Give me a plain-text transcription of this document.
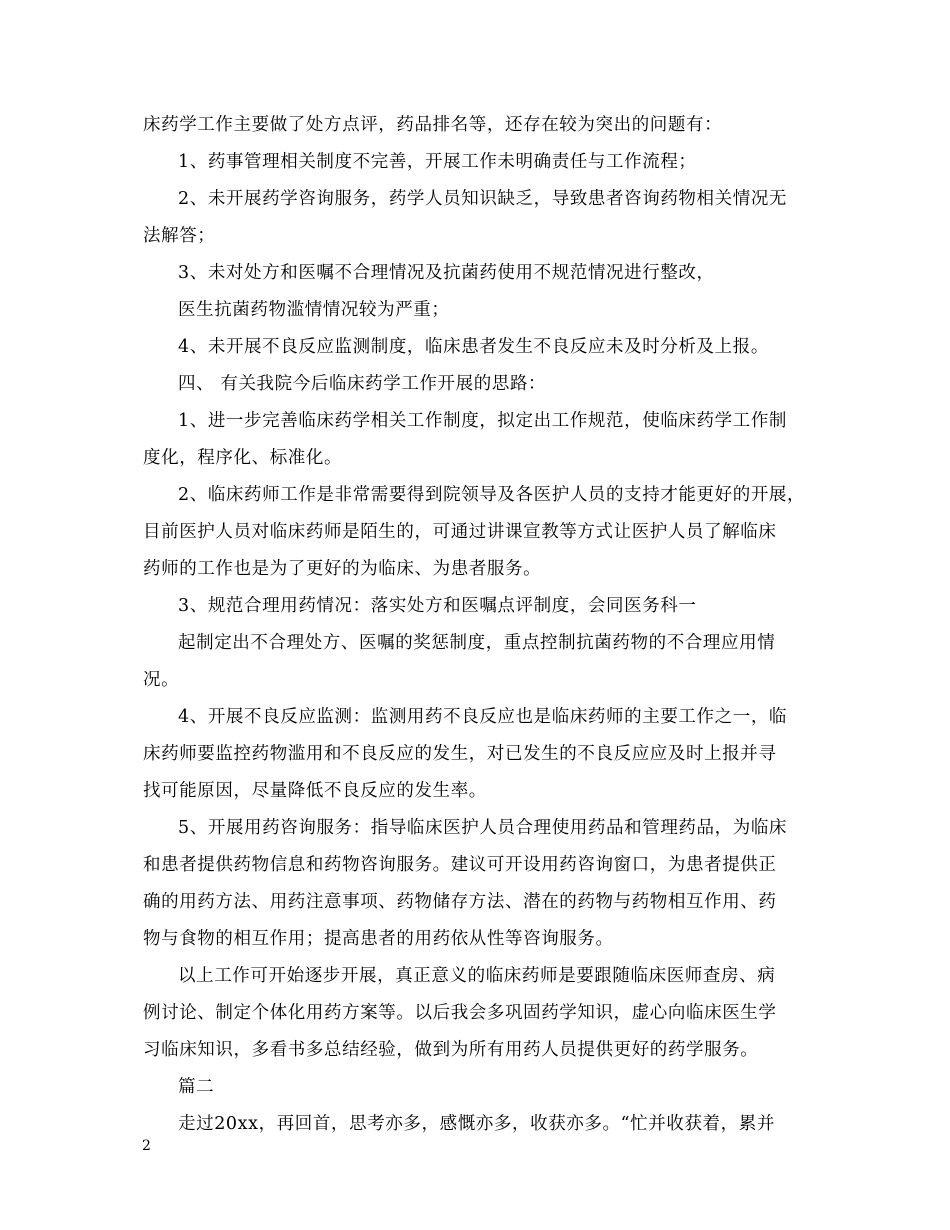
床药学工作主要做了处方点评，药品排名等，还存在较为突出的问题有：
1、药事管理相关制度不完善，开展工作未明确责任与工作流程；
2、未开展药学咨询服务，药学人员知识缺乏，导致患者咨询药物相关情况无
法解答；
3、未对处方和医嘱不合理情况及抗菌药使用不规范情况进行整改，
医生抗菌药物滥情情况较为严重；
4、未开展不良反应监测制度，临床患者发生不良反应未及时分析及上报。
四、 有关我院今后临床药学工作开展的思路：
1、进一步完善临床药学相关工作制度，拟定出工作规范，使临床药学工作制
度化，程序化、标准化。
2、临床药师工作是非常需要得到院领导及各医护人员的支持才能更好的开展，
目前医护人员对临床药师是陌生的，可通过讲课宣教等方式让医护人员了解临床
药师的工作也是为了更好的为临床、为患者服务。
3、规范合理用药情况：落实处方和医嘱点评制度，会同医务科一
起制定出不合理处方、医嘱的奖惩制度，重点控制抗菌药物的不合理应用情
况。
4、开展不良反应监测：监测用药不良反应也是临床药师的主要工作之一，临
床药师要监控药物滥用和不良反应的发生，对已发生的不良反应应及时上报并寻
找可能原因，尽量降低不良反应的发生率。
5、开展用药咨询服务：指导临床医护人员合理使用药品和管理药品，为临床
和患者提供药物信息和药物咨询服务。建议可开设用药咨询窗口，为患者提供正
确的用药方法、用药注意事项、药物储存方法、潜在的药物与药物相互作用、药
物与食物的相互作用；提高患者的用药依从性等咨询服务。
以上工作可开始逐步开展，真正意义的临床药师是要跟随临床医师查房、病
例讨论、制定个体化用药方案等。以后我会多巩固药学知识，虚心向临床医生学
习临床知识，多看书多总结经验，做到为所有用药人员提供更好的药学服务。
篇二
走过20xx，再回首，思考亦多，感慨亦多，收获亦多。“忙并收获着，累并
2
